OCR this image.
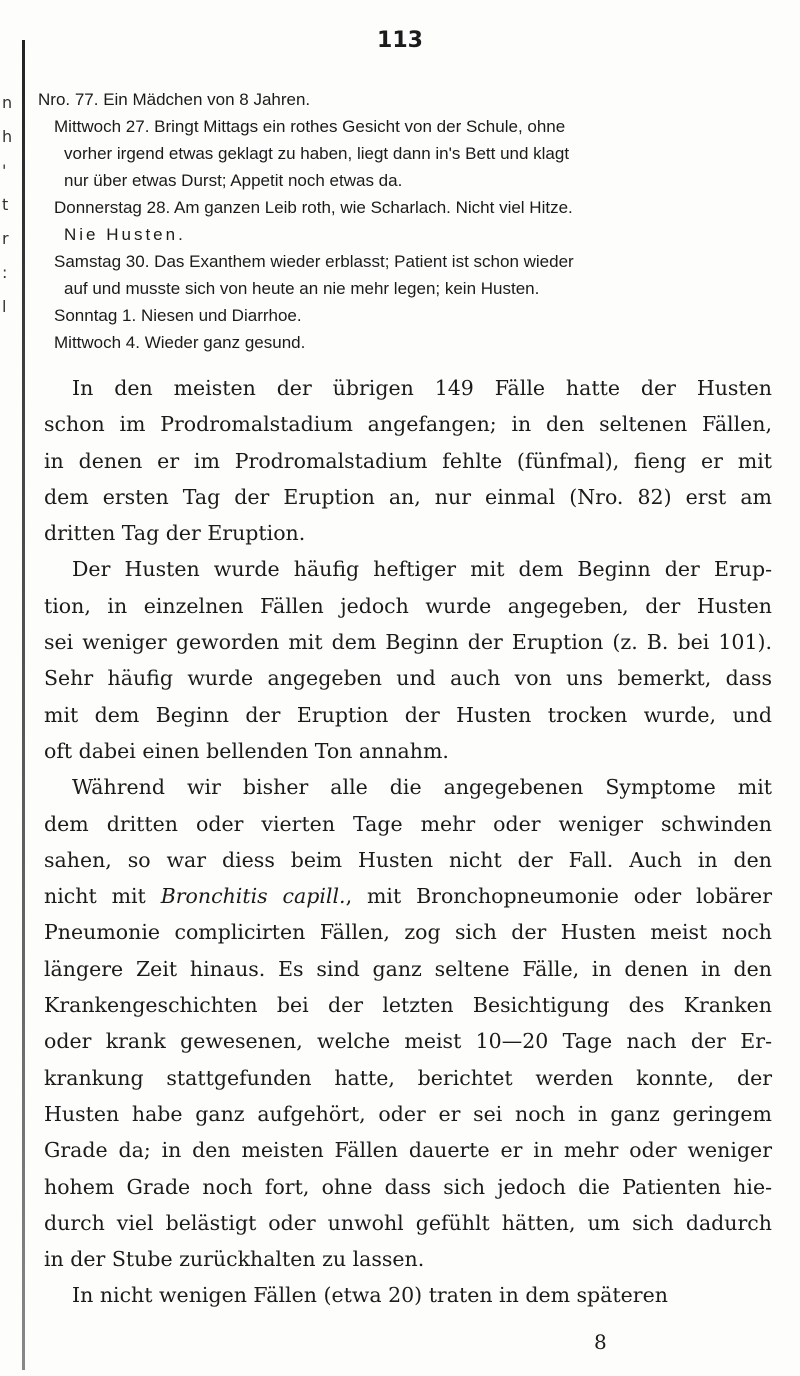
n
h
'
t
r
:
l
113
Nro. 77. Ein Mädchen von 8 Jahren.
Mittwoch 27. Bringt Mittags ein rothes Gesicht von der Schule, ohne
vorher irgend etwas geklagt zu haben, liegt dann in's Bett und klagt
nur über etwas Durst; Appetit noch etwas da.
Donnerstag 28. Am ganzen Leib roth, wie Scharlach. Nicht viel Hitze.
Nie Husten.
Samstag 30. Das Exanthem wieder erblasst; Patient ist schon wieder
auf und musste sich von heute an nie mehr legen; kein Husten.
Sonntag 1. Niesen und Diarrhoe.
Mittwoch 4. Wieder ganz gesund.

In den meisten der übrigen 149 Fälle hatte der Husten
schon im Prodromalstadium angefangen; in den seltenen Fällen,
in denen er im Prodromalstadium fehlte (fünfmal), fieng er mit
dem ersten Tag der Eruption an, nur einmal (Nro. 82) erst am
dritten Tag der Eruption.

Der Husten wurde häufig heftiger mit dem Beginn der Erup-
tion, in einzelnen Fällen jedoch wurde angegeben, der Husten
sei weniger geworden mit dem Beginn der Eruption (z. B. bei 101).
Sehr häufig wurde angegeben und auch von uns bemerkt, dass
mit dem Beginn der Eruption der Husten trocken wurde, und
oft dabei einen bellenden Ton annahm.

Während wir bisher alle die angegebenen Symptome mit
dem dritten oder vierten Tage mehr oder weniger schwinden
sahen, so war diess beim Husten nicht der Fall. Auch in den
nicht mit Bronchitis capill., mit Bronchopneumonie oder lobärer
Pneumonie complicirten Fällen, zog sich der Husten meist noch
längere Zeit hinaus. Es sind ganz seltene Fälle, in denen in den
Krankengeschichten bei der letzten Besichtigung des Kranken
oder krank gewesenen, welche meist 10—20 Tage nach der Er-
krankung stattgefunden hatte, berichtet werden konnte, der
Husten habe ganz aufgehört, oder er sei noch in ganz geringem
Grade da; in den meisten Fällen dauerte er in mehr oder weniger
hohem Grade noch fort, ohne dass sich jedoch die Patienten hie-
durch viel belästigt oder unwohl gefühlt hätten, um sich dadurch
in der Stube zurückhalten zu lassen.

In nicht wenigen Fällen (etwa 20) traten in dem späteren

8
